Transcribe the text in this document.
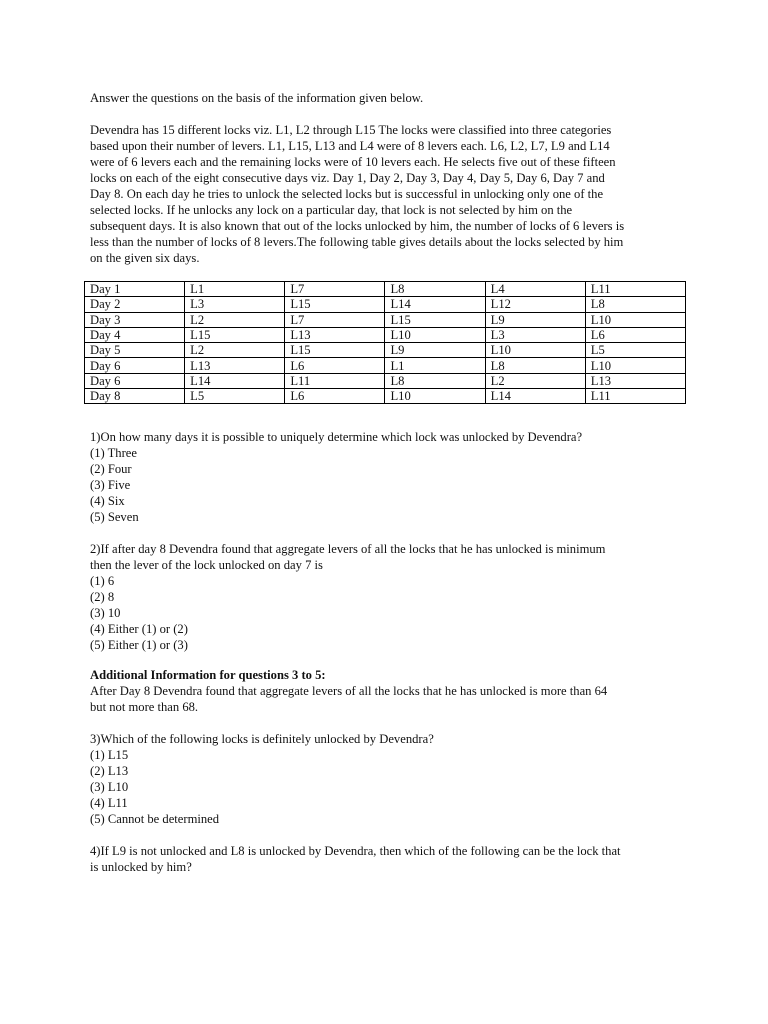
Answer the questions on the basis of the information given below.
Devendra has 15 different locks viz. L1, L2 through L15 The locks were classified into three categories
based upon their number of levers. L1, L15, L13 and L4 were of 8 levers each. L6, L2, L7, L9 and L14
were of 6 levers each and the remaining locks were of 10 levers each. He selects five out of these fifteen
locks on each of the eight consecutive days viz. Day 1, Day 2, Day 3, Day 4, Day 5, Day 6, Day 7 and
Day 8. On each day he tries to unlock the selected locks but is successful in unlocking only one of the
selected locks. If he unlocks any lock on a particular day, that lock is not selected by him on the
subsequent days. It is also known that out of the locks unlocked by him, the number of locks of 6 levers is
less than the number of locks of 8 levers.The following table gives details about the locks selected by him
on the given six days.
Day 1	L1	L7	L8	L4	L11
Day 2	L3	L15	L14	L12	L8
Day 3	L2	L7	L15	L9	L10
Day 4	L15	L13	L10	L3	L6
Day 5	L2	L15	L9	L10	L5
Day 6	L13	L6	L1	L8	L10
Day 6	L14	L11	L8	L2	L13
Day 8	L5	L6	L10	L14	L11
1)On how many days it is possible to uniquely determine which lock was unlocked by Devendra?
(1) Three
(2) Four
(3) Five
(4) Six
(5) Seven
2)If after day 8 Devendra found that aggregate levers of all the locks that he has unlocked is minimum
then the lever of the lock unlocked on day 7 is
(1) 6
(2) 8
(3) 10
(4) Either (1) or (2)
(5) Either (1) or (3)
Additional Information for questions 3 to 5:
After Day 8 Devendra found that aggregate levers of all the locks that he has unlocked is more than 64
but not more than 68.
3)Which of the following locks is definitely unlocked by Devendra?
(1) L15
(2) L13
(3) L10
(4) L11
(5) Cannot be determined
4)If L9 is not unlocked and L8 is unlocked by Devendra, then which of the following can be the lock that
is unlocked by him?
